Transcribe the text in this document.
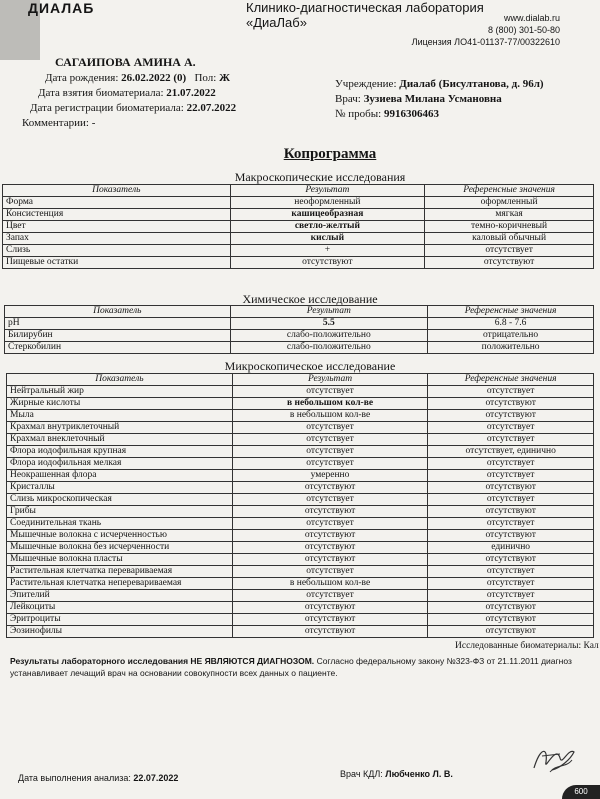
ДИАЛАБ	Клинико-диагностическая лаборатория
«ДиаЛаб»	www.dialab.ru
8 (800) 301-50-80
Лицензия ЛО41-01137-77/00322610
САГАИПОВА АМИНА А.
Дата рождения: 26.02.2022 (0) Пол: Ж
Дата взятия биоматериала: 21.07.2022
Дата регистрации биоматериала: 22.07.2022
Комментарии: -
Учреждение: Диалаб (Бисултанова, д. 96л)
Врач: Зузиева Милана Усмановна
№ пробы: 9916306463
Копрограмма
Макроскопические исследования
Показатель	Результат	Референсные значения
Форма	неоформленный	оформленный
Консистенция	кашицеобразная	мягкая
Цвет	светло-желтый	темно-коричневый
Запах	кислый	каловый обычный
Слизь	+	отсутствует
Пищевые остатки	отсутствуют	отсутствуют
Химическое исследование
Показатель	Результат	Референсные значения
pH	5.5	6.8 - 7.6
Билирубин	слабо-положительно	отрицательно
Стеркобилин	слабо-положительно	положительно
Микроскопическое исследование
Показатель	Результат	Референсные значения
Нейтральный жир	отсутствует	отсутствует
Жирные кислоты	в небольшом кол-ве	отсутствуют
Мыла	в небольшом кол-ве	отсутствуют
Крахмал внутриклеточный	отсутствует	отсутствует
Крахмал внеклеточный	отсутствует	отсутствует
Флора иодофильная крупная	отсутствует	отсутствует, единично
Флора иодофильная мелкая	отсутствует	отсутствует
Неокрашенная флора	умеренно	отсутствует
Кристаллы	отсутствуют	отсутствуют
Слизь микроскопическая	отсутствует	отсутствует
Грибы	отсутствуют	отсутствуют
Соединительная ткань	отсутствует	отсутствует
Мышечные волокна с исчерченностью	отсутствуют	отсутствуют
Мышечные волокна без исчерченности	отсутствуют	единично
Мышечные волокна пласты	отсутствуют	отсутствуют
Растительная клетчатка перевариваемая	отсутствует	отсутствует
Растительная клетчатка неперевариваемая	в небольшом кол-ве	отсутствует
Эпителий	отсутствует	отсутствует
Лейкоциты	отсутствуют	отсутствуют
Эритроциты	отсутствуют	отсутствуют
Эозинофилы	отсутствуют	отсутствуют
Исследованные биоматериалы: Кал
Результаты лабораторного исследования НЕ ЯВЛЯЮТСЯ ДИАГНОЗОМ. Согласно федеральному закону №323-ФЗ от 21.11.2011 диагноз устанавливает лечащий врач на основании совокупности всех данных о пациенте.
Дата выполнения анализа: 22.07.2022	Врач КДЛ: Любченко Л. В.
600
